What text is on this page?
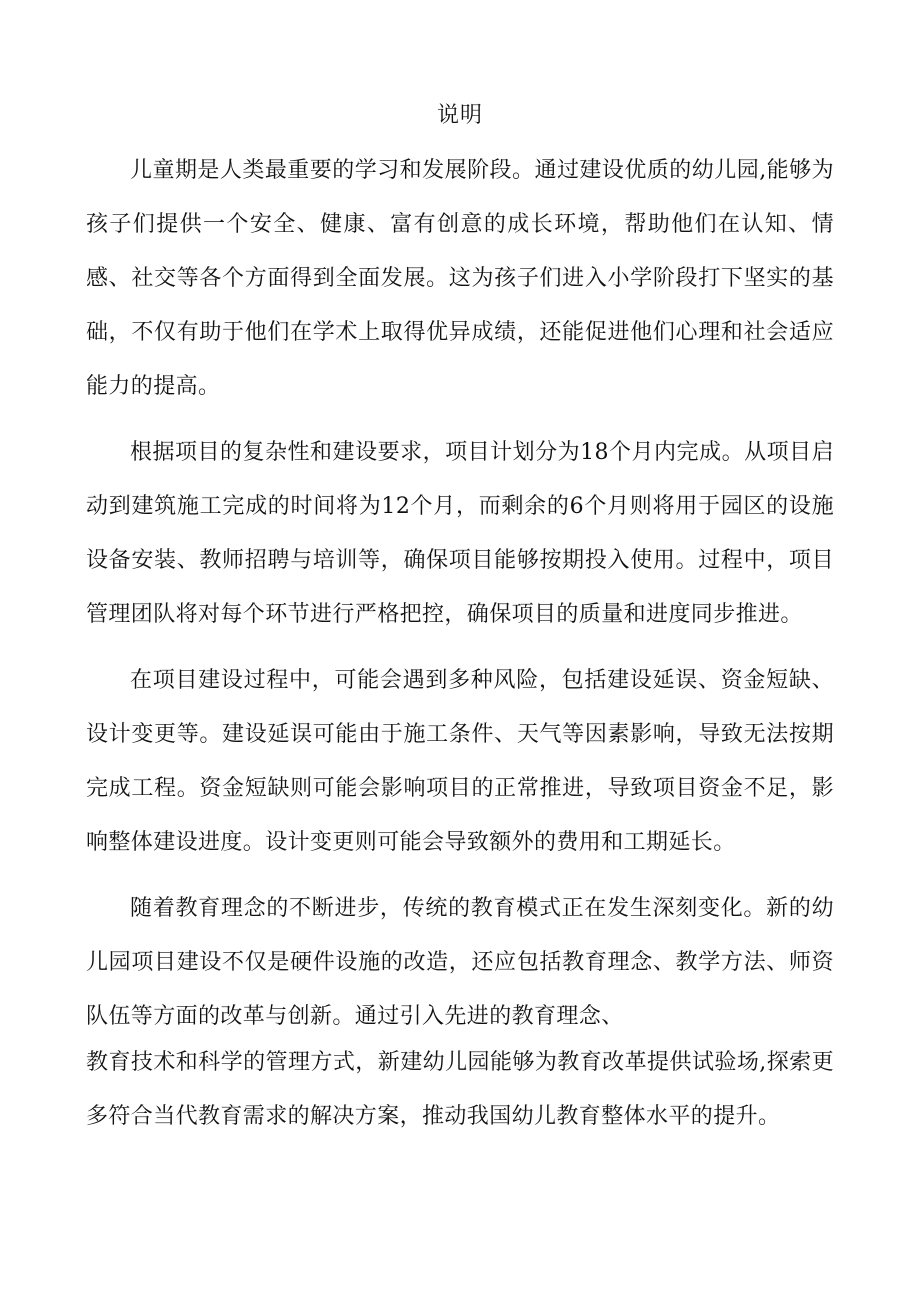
说明

儿童期是人类最重要的学习和发展阶段。通过建设优质的幼儿园,能够为孩子们提供一个安全、健康、富有创意的成长环境，帮助他们在认知、情感、社交等各个方面得到全面发展。这为孩子们进入小学阶段打下坚实的基础，不仅有助于他们在学术上取得优异成绩，还能促进他们心理和社会适应能力的提高。

根据项目的复杂性和建设要求，项目计划分为18个月内完成。从项目启动到建筑施工完成的时间将为12个月，而剩余的6个月则将用于园区的设施设备安装、教师招聘与培训等，确保项目能够按期投入使用。过程中，项目管理团队将对每个环节进行严格把控，确保项目的质量和进度同步推进。

在项目建设过程中，可能会遇到多种风险，包括建设延误、资金短缺、设计变更等。建设延误可能由于施工条件、天气等因素影响，导致无法按期完成工程。资金短缺则可能会影响项目的正常推进，导致项目资金不足，影响整体建设进度。设计变更则可能会导致额外的费用和工期延长。

随着教育理念的不断进步，传统的教育模式正在发生深刻变化。新的幼儿园项目建设不仅是硬件设施的改造，还应包括教育理念、教学方法、师资队伍等方面的改革与创新。通过引入先进的教育理念、

教育技术和科学的管理方式，新建幼儿园能够为教育改革提供试验场,探索更多符合当代教育需求的解决方案，推动我国幼儿教育整体水平的提升。
